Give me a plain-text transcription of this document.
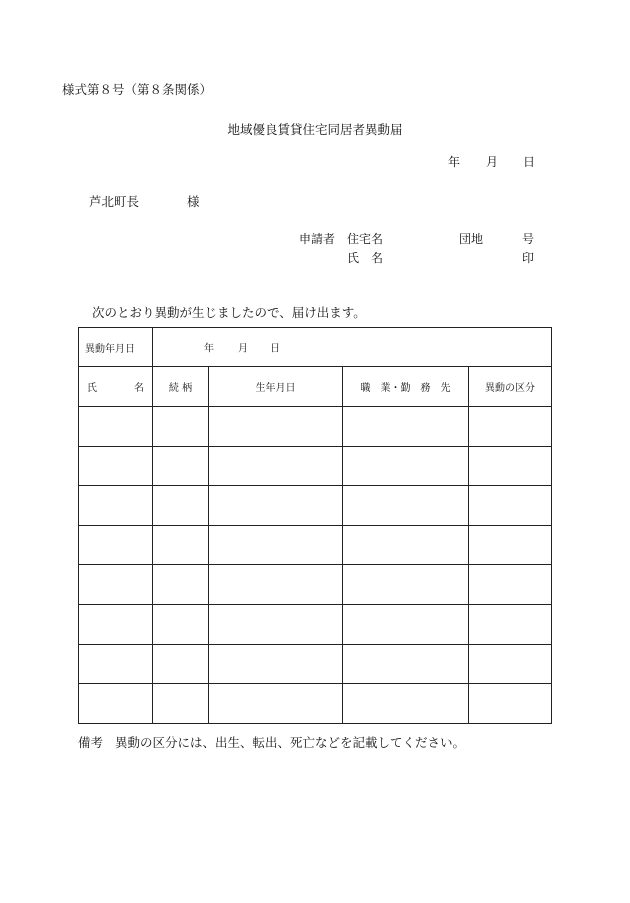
様式第８号（第８条関係）
地域優良賃貸住宅同居者異動届
年 月 日
芦北町長	様
申請者 住宅名	団地	号
氏　名	印
次のとおり異動が生じましたので、届け出ます。
異動年月日	年 月 日			

氏 名	続 柄	生年月日	職　業・勤　務　先	異動の区分

備考 異動の区分には、出生、転出、死亡などを記載してください。
